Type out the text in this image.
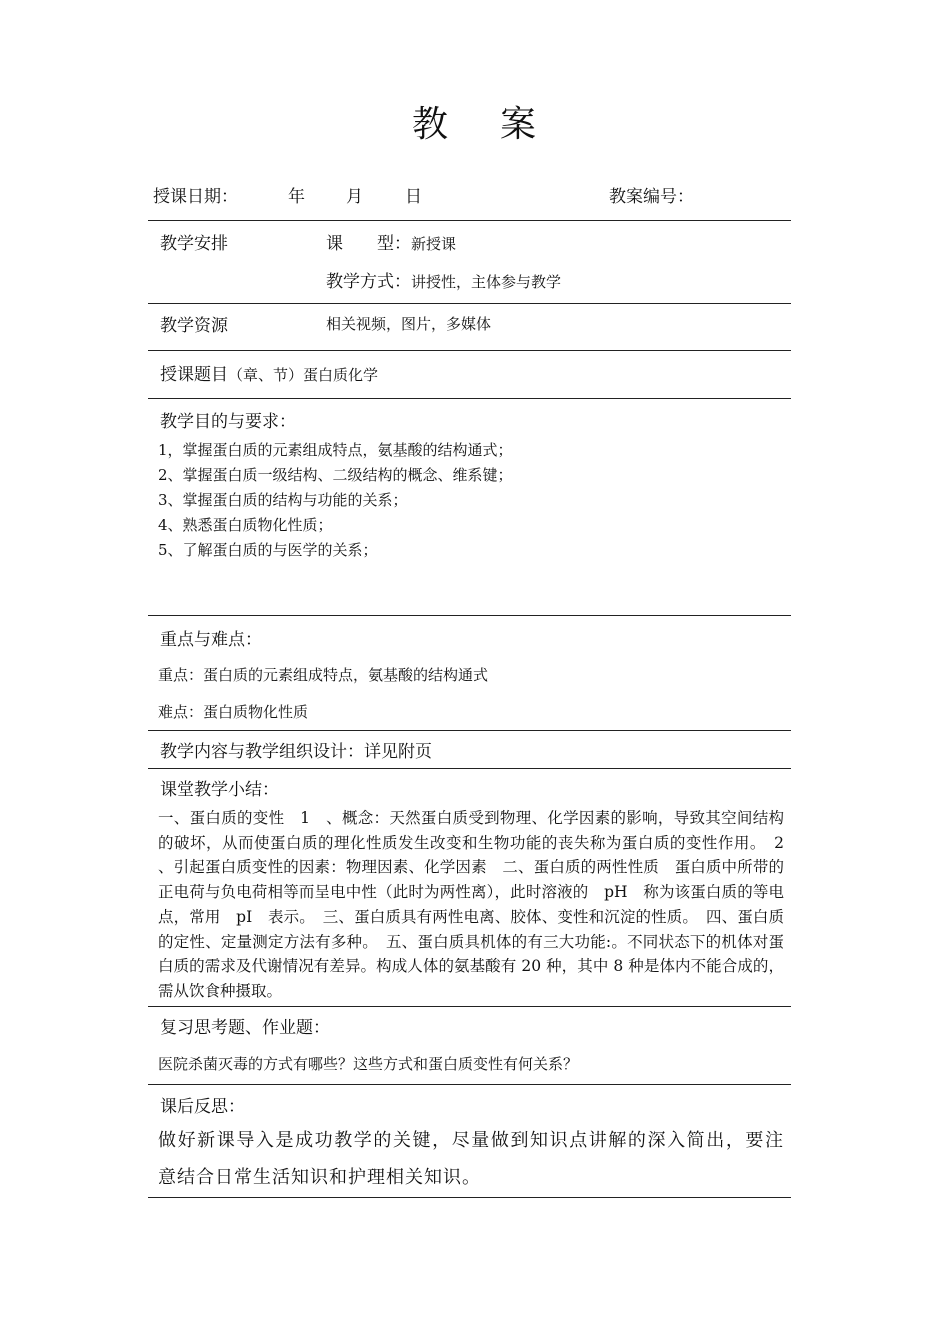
教 案
授课日期：	年 月 日	教案编号：
教学安排	课　　型：新授课
教学方式：讲授性，主体参与教学
教学资源	相关视频，图片，多媒体
授课题目（章、节）蛋白质化学
教学目的与要求：
1，掌握蛋白质的元素组成特点，氨基酸的结构通式；
2、掌握蛋白质一级结构、二级结构的概念、维系键；
3、掌握蛋白质的结构与功能的关系；
4、熟悉蛋白质物化性质；
5、了解蛋白质的与医学的关系；
重点与难点：
重点：蛋白质的元素组成特点，氨基酸的结构通式
难点：蛋白质物化性质
教学内容与教学组织设计：详见附页
课堂教学小结：
一、蛋白质的变性　1　、概念：天然蛋白质受到物理、化学因素的影响，导致其空间结构的破坏，从而使蛋白质的理化性质发生改变和生物功能的丧失称为蛋白质的变性作用。　2 、引起蛋白质变性的因素：物理因素、化学因素　二、蛋白质的两性性质　蛋白质中所带的正电荷与负电荷相等而呈电中性（此时为两性离），此时溶液的　pH　称为该蛋白质的等电点，常用　pI　表示。　三、蛋白质具有两性电离、胶体、变性和沉淀的性质。　四、蛋白质的定性、定量测定方法有多种。　五、蛋白质具机体的有三大功能:。不同状态下的机体对蛋白质的需求及代谢情况有差异。构成人体的氨基酸有 20 种，其中 8 种是体内不能合成的，需从饮食种摄取。
复习思考题、作业题：
医院杀菌灭毒的方式有哪些？这些方式和蛋白质变性有何关系？
课后反思：
做好新课导入是成功教学的关键，尽量做到知识点讲解的深入简出，要注意结合日常生活知识和护理相关知识。
